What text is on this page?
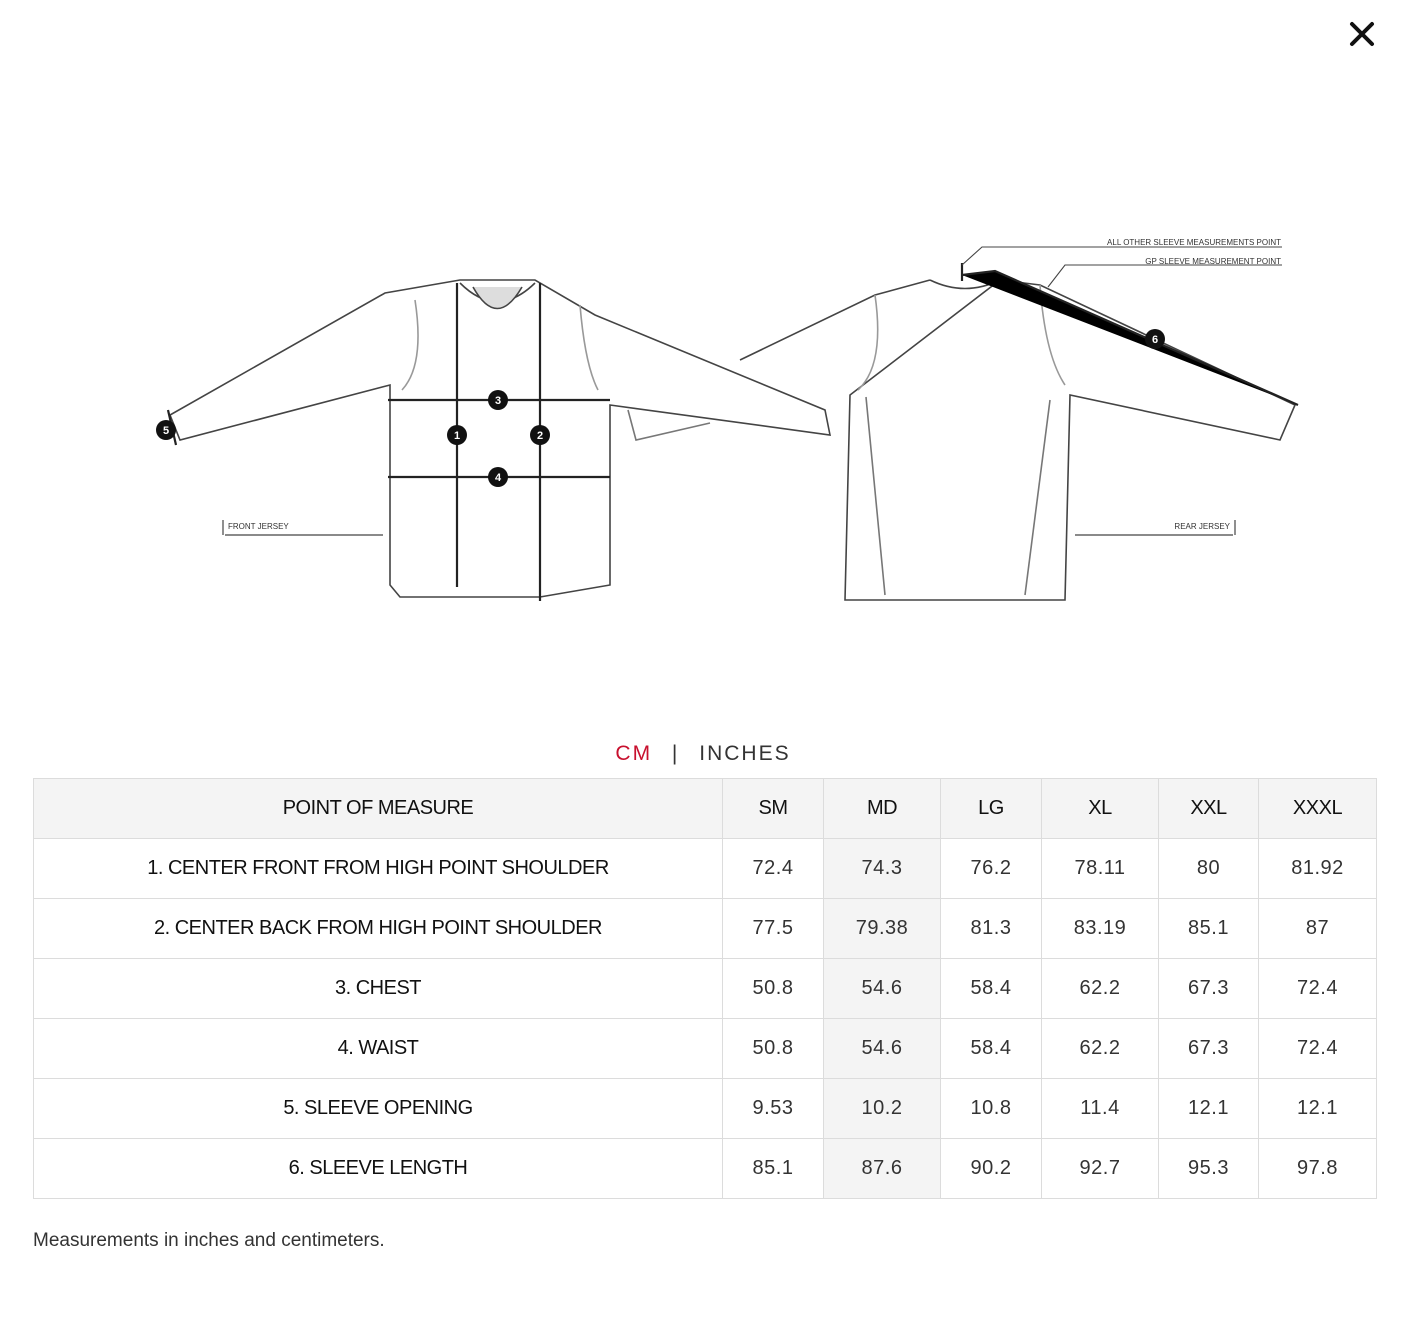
FRONT JERSEY
ALL OTHER SLEEVE MEASUREMENTS POINT
GP SLEEVE MEASUREMENT POINT
REAR JERSEY
1	2
3
4
5
6
CM | INCHES
POINT OF MEASURE	SM	MD	LG	XL	XXL	XXXL
1. CENTER FRONT FROM HIGH POINT SHOULDER	72.4	74.3	76.2	78.11	80	81.92
2. CENTER BACK FROM HIGH POINT SHOULDER	77.5	79.38	81.3	83.19	85.1	87
3. CHEST	50.8	54.6	58.4	62.2	67.3	72.4
4. WAIST	50.8	54.6	58.4	62.2	67.3	72.4
5. SLEEVE OPENING	9.53	10.2	10.8	11.4	12.1	12.1
6. SLEEVE LENGTH	85.1	87.6	90.2	92.7	95.3	97.8
Measurements in inches and centimeters.
